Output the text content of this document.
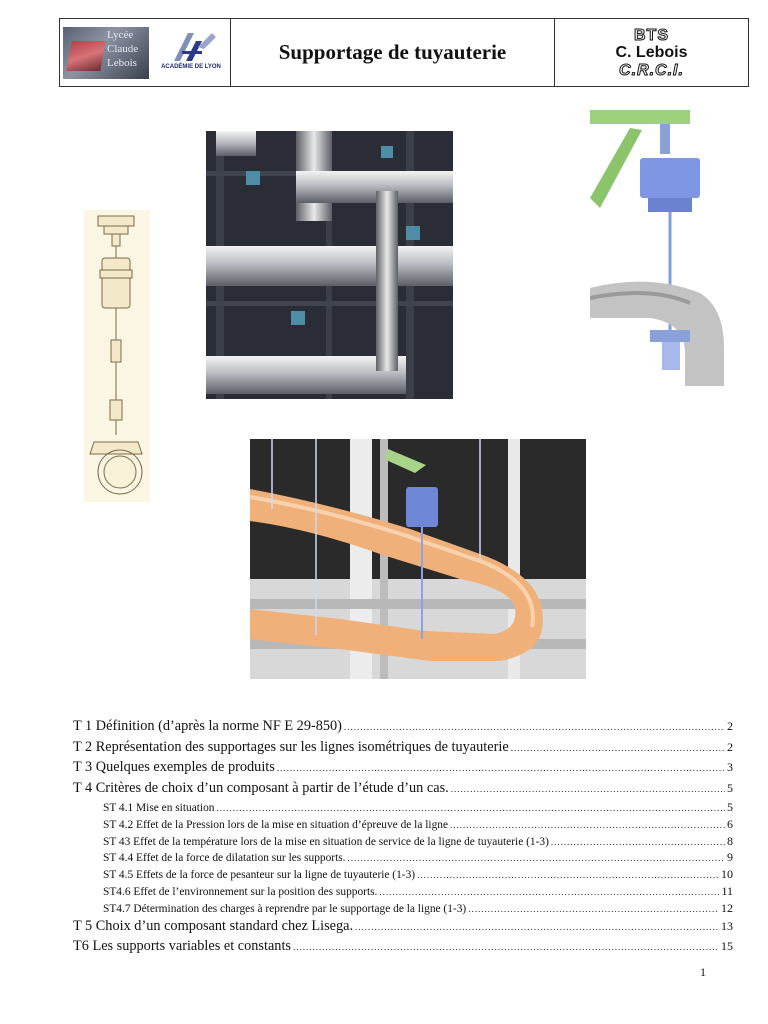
Lycée
Claude
Lebois	ACADÉMIE DE LYON
Supportage de tuyauterie
BTS
C. Lebois
C.R.C.I.
T 1 Définition (d’après la norme NF E 29-850) .....	2
T 2 Représentation des supportages sur les lignes isométriques de tuyauterie .....	2
T 3 Quelques exemples de produits .....	3
T 4 Critères de choix d’un composant à partir de l’étude d’un cas. .....	5
ST 4.1 Mise en situation .....	5
ST 4.2 Effet de la Pression lors de la mise en situation d’épreuve de la ligne .....	6
ST 43 Effet de la température lors de la mise en situation de service de la ligne de tuyauterie (1-3) .....	8
ST 4.4 Effet de la force de dilatation sur les supports. .....	9
ST 4.5 Effets de la force de pesanteur sur la ligne de tuyauterie (1-3) .....	10
ST4.6 Effet de l’environnement sur la position des supports. .....	11
ST4.7 Détermination des charges à reprendre par le supportage de la ligne (1-3) .....	12
T 5 Choix d’un composant standard chez Lisega. .....	13
T6 Les supports variables et constants .....	15
1
